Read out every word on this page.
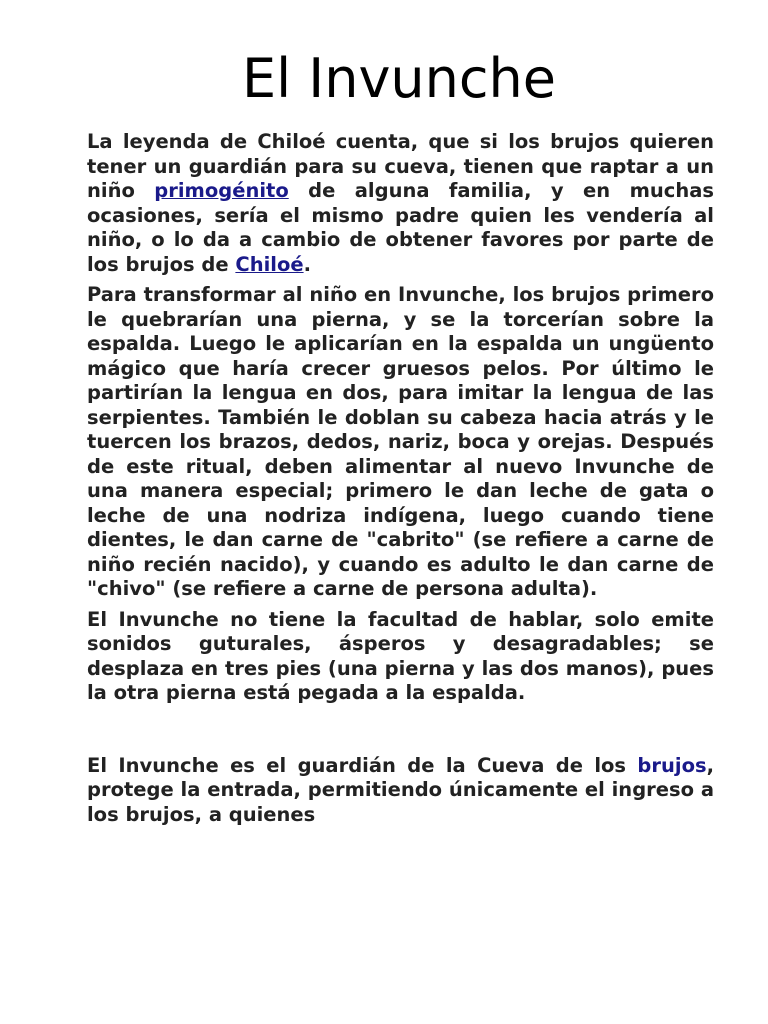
El Invunche

La leyenda de Chiloé cuenta, que si los brujos quieren tener un guardián para su cueva, tienen que raptar a un niño primogénito de alguna familia, y en muchas ocasiones, sería el mismo padre quien les vendería al niño, o lo da a cambio de obtener favores por parte de los brujos de Chiloé.

Para transformar al niño en Invunche, los brujos primero le quebrarían una pierna, y se la torcerían sobre la espalda. Luego le aplicarían en la espalda un ungüento mágico que haría crecer gruesos pelos. Por último le partirían la lengua en dos, para imitar la lengua de las serpientes. También le doblan su cabeza hacia atrás y le tuercen los brazos, dedos, nariz, boca y orejas. Después de este ritual, deben alimentar al nuevo Invunche de una manera especial; primero le dan leche de gata o leche de una nodriza indígena, luego cuando tiene dientes, le dan carne de "cabrito" (se refiere a carne de niño recién nacido), y cuando es adulto le dan carne de "chivo" (se refiere a carne de persona adulta).

El Invunche no tiene la facultad de hablar, solo emite sonidos guturales, ásperos y desagradables; se desplaza en tres pies (una pierna y las dos manos), pues la otra pierna está pegada a la espalda.

El Invunche es el guardián de la Cueva de los brujos, protege la entrada, permitiendo únicamente el ingreso a los brujos, a quienes
